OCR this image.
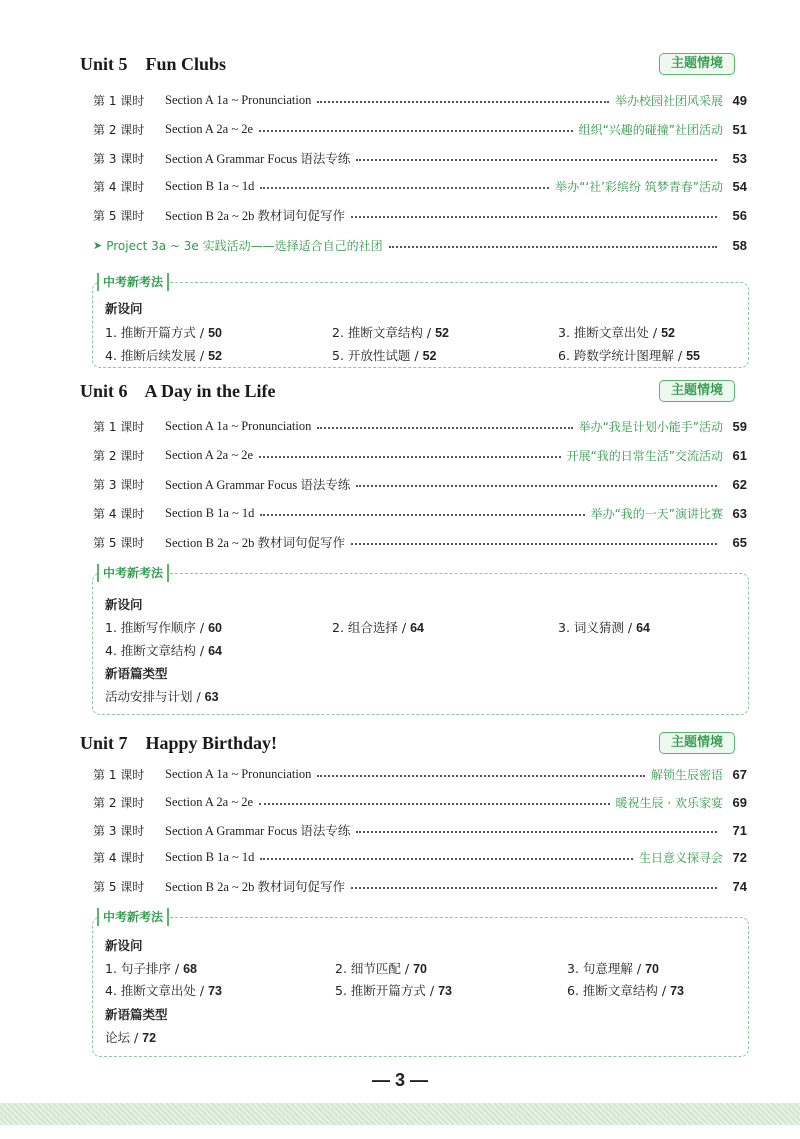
Unit 5    Fun Clubs	主题情境
第 1 课时	Section A 1a ~ Pronunciation	举办校园社团风采展 49
第 2 课时	Section A 2a ~ 2e	组织“兴趣的碰撞”社团活动 51
第 3 课时	Section A Grammar Focus 语法专练	53
第 4 课时	Section B 1a ~ 1d	举办“‘社’彩缤纷 筑梦青春”活动 54
第 5 课时	Section B 2a ~ 2b 教材词句促写作	56
➤ Project 3a ~ 3e 实践活动——选择适合自己的社团	58
中考新考法
新设问
1. 推断开篇方式 / 50	2. 推断文章结构 / 52	3. 推断文章出处 / 52
4. 推断后续发展 / 52	5. 开放性试题 / 52	6. 跨数学统计图理解 / 55
Unit 6    A Day in the Life	主题情境
第 1 课时	Section A 1a ~ Pronunciation	举办“我是计划小能手”活动 59
第 2 课时	Section A 2a ~ 2e	开展“我的日常生活”交流活动 61
第 3 课时	Section A Grammar Focus 语法专练	62
第 4 课时	Section B 1a ~ 1d	举办“我的一天”演讲比赛 63
第 5 课时	Section B 2a ~ 2b 教材词句促写作	65
中考新考法
新设问
1. 推断写作顺序 / 60	2. 组合选择 / 64	3. 词义猜测 / 64
4. 推断文章结构 / 64
新语篇类型
活动安排与计划 / 63
Unit 7    Happy Birthday!	主题情境
第 1 课时	Section A 1a ~ Pronunciation	解锁生辰密语 67
第 2 课时	Section A 2a ~ 2e	暖祝生辰 · 欢乐家宴 69
第 3 课时	Section A Grammar Focus 语法专练	71
第 4 课时	Section B 1a ~ 1d	生日意义探寻会 72
第 5 课时	Section B 2a ~ 2b 教材词句促写作	74
中考新考法
新设问
1. 句子排序 / 68	2. 细节匹配 / 70	3. 句意理解 / 70
4. 推断文章出处 / 73	5. 推断开篇方式 / 73	6. 推断文章结构 / 73
新语篇类型
论坛 / 72
— 3 —
